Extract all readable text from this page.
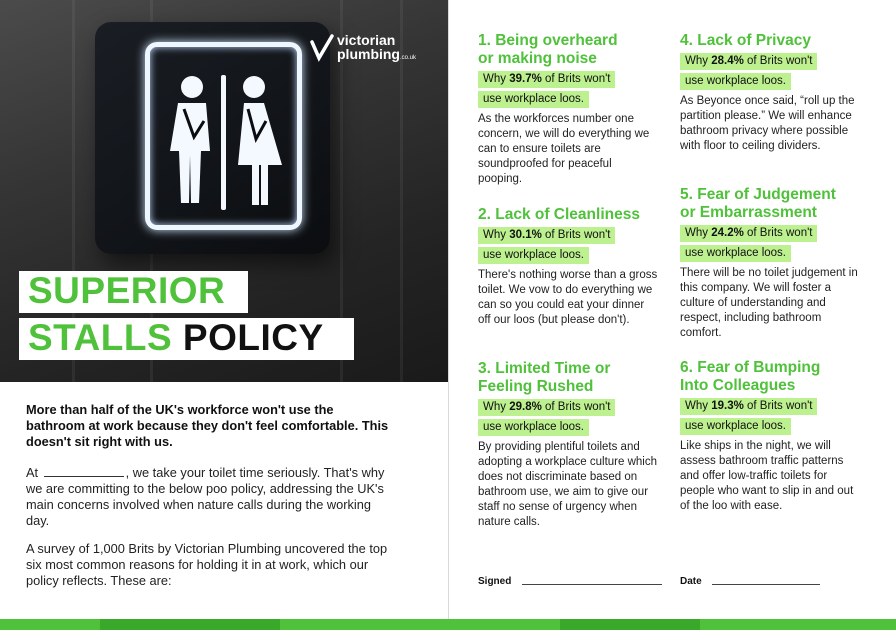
victorian
plumbing.co.uk
SUPERIOR
STALLS POLICY
More than half of the UK's workforce won't use the bathroom at work because they don't feel comfortable. This doesn't sit right with us.
At	, we take your toilet time seriously. That's why we are committing to the below poo policy, addressing the UK's main concerns involved when nature calls during the working day.
A survey of 1,000 Brits by Victorian Plumbing uncovered the top six most common reasons for holding it in at work, which our policy reflects. These are:
1. Being overheard
or making noise
Why 39.7% of Brits won't
use workplace loos.
As the workforces number one concern, we will do everything we can to ensure toilets are soundproofed for peaceful pooping.
2. Lack of Cleanliness
Why 30.1% of Brits won't
use workplace loos.
There's nothing worse than a gross toilet. We vow to do everything we can so you could eat your dinner off our loos (but please don't).
3. Limited Time or
Feeling Rushed
Why 29.8% of Brits won't
use workplace loos.
By providing plentiful toilets and adopting a workplace culture which does not discriminate based on bathroom use, we aim to give our staff no sense of urgency when nature calls.
4. Lack of Privacy
Why 28.4% of Brits won't
use workplace loos.
As Beyonce once said, “roll up the partition please.” We will enhance bathroom privacy where possible with floor to ceiling dividers.
5. Fear of Judgement
or Embarrassment
Why 24.2% of Brits won't
use workplace loos.
There will be no toilet judgement in this company. We will foster a culture of understanding and respect, including bathroom comfort.
6. Fear of Bumping
Into Colleagues
Why 19.3% of Brits won't
use workplace loos.
Like ships in the night, we will assess bathroom traffic patterns and offer low-traffic toilets for people who want to slip in and out of the loo with ease.
Signed	Date
